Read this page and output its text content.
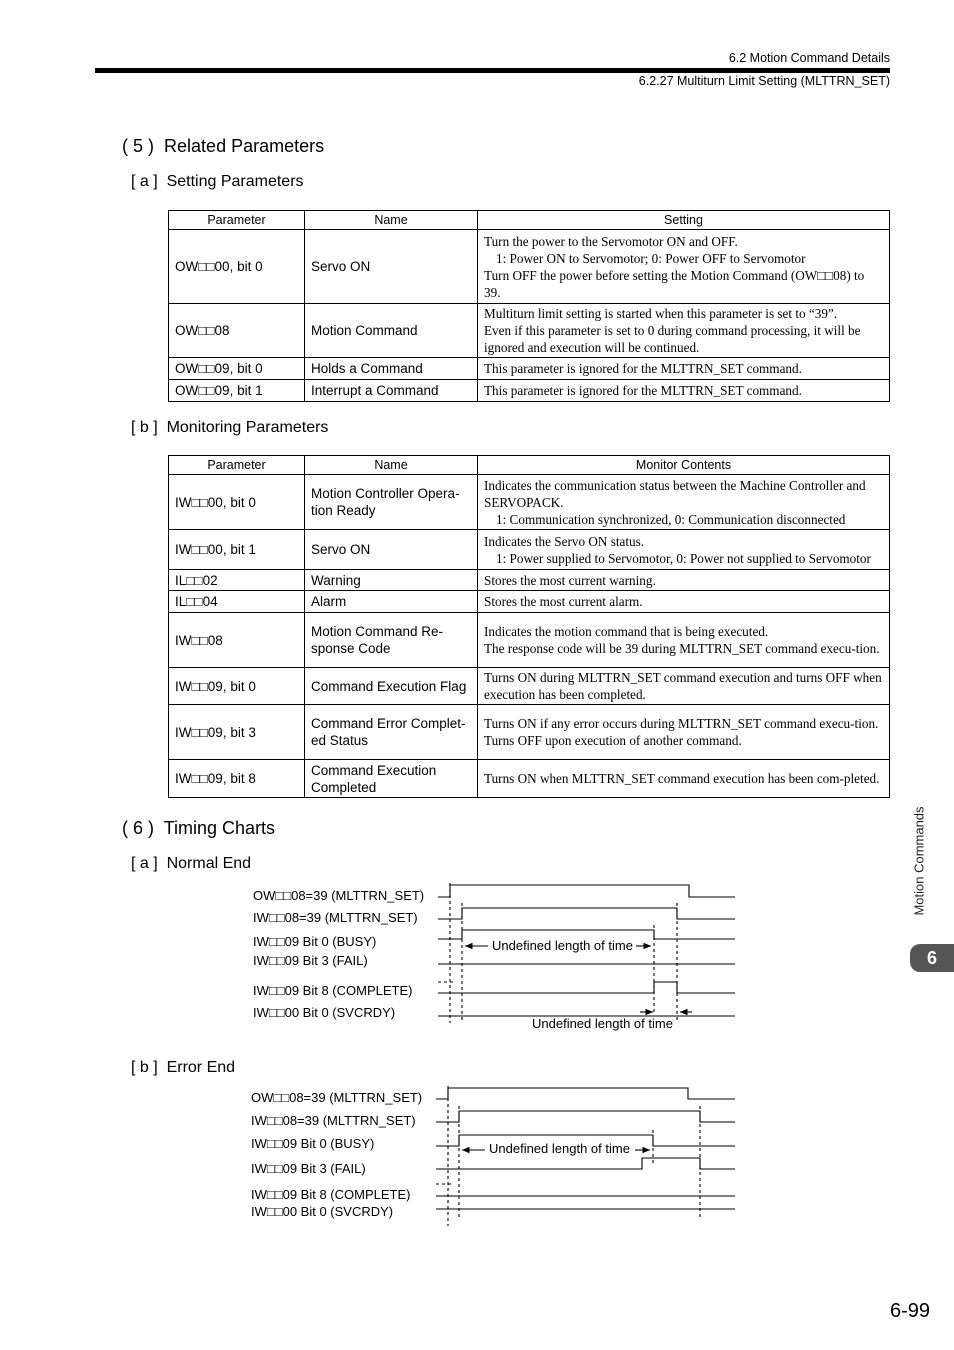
6.2 Motion Command Details
6.2.27 Multiturn Limit Setting (MLTTRN_SET)
( 5 ) Related Parameters
[ a ] Setting Parameters
Parameter	Name	Setting
OW□□00, bit 0	Servo ON	Turn the power to the Servomotor ON and OFF.
1: Power ON to Servomotor; 0: Power OFF to Servomotor
Turn OFF the power before setting the Motion Command (OW□□08) to 39.

OW□□08	Motion Command	Multiturn limit setting is started when this parameter is set to “39”.
Even if this parameter is set to 0 during command processing, it will be ignored and execution will be continued.

OW□□09, bit 0	Holds a Command	This parameter is ignored for the MLTTRN_SET command.
OW□□09, bit 1	Interrupt a Command	This parameter is ignored for the MLTTRN_SET command.
[ b ] Monitoring Parameters
Parameter	Name	Monitor Contents
IW□□00, bit 0	Motion Controller Opera-tion Ready	Indicates the communication status between the Machine Controller and SERVOPACK.
1: Communication synchronized, 0: Communication disconnected

IW□□00, bit 1	Servo ON	Indicates the Servo ON status.
1: Power supplied to Servomotor, 0: Power not supplied to Servomotor

IL□□02	Warning	Stores the most current warning.
IL□□04	Alarm	Stores the most current alarm.
IW□□08	Motion Command Re-sponse Code	Indicates the motion command that is being executed.
The response code will be 39 during MLTTRN_SET command execu-tion.

IW□□09, bit 0	Command Execution Flag	Turns ON during MLTTRN_SET command execution and turns OFF when execution has been completed.
IW□□09, bit 3	Command Error Complet-ed Status	Turns ON if any error occurs during MLTTRN_SET command execu-tion.
Turns OFF upon execution of another command.

IW□□09, bit 8	Command Execution Completed	Turns ON when MLTTRN_SET command execution has been com-pleted.
( 6 ) Timing Charts
[ a ] Normal End
OW□□08=39 (MLTTRN_SET)
IW□□08=39 (MLTTRN_SET)
IW□□09 Bit 0 (BUSY)
IW□□09 Bit 3 (FAIL)
IW□□09 Bit 8 (COMPLETE)
IW□□00 Bit 0 (SVCRDY)
Undefined length of time
Undefined length of time
[ b ] Error End
OW□□08=39 (MLTTRN_SET)
IW□□08=39 (MLTTRN_SET)
IW□□09 Bit 0 (BUSY)
IW□□09 Bit 3 (FAIL)
IW□□09 Bit 8 (COMPLETE)
IW□□00 Bit 0 (SVCRDY)
Undefined length of time
Motion Commands
6
6-99
